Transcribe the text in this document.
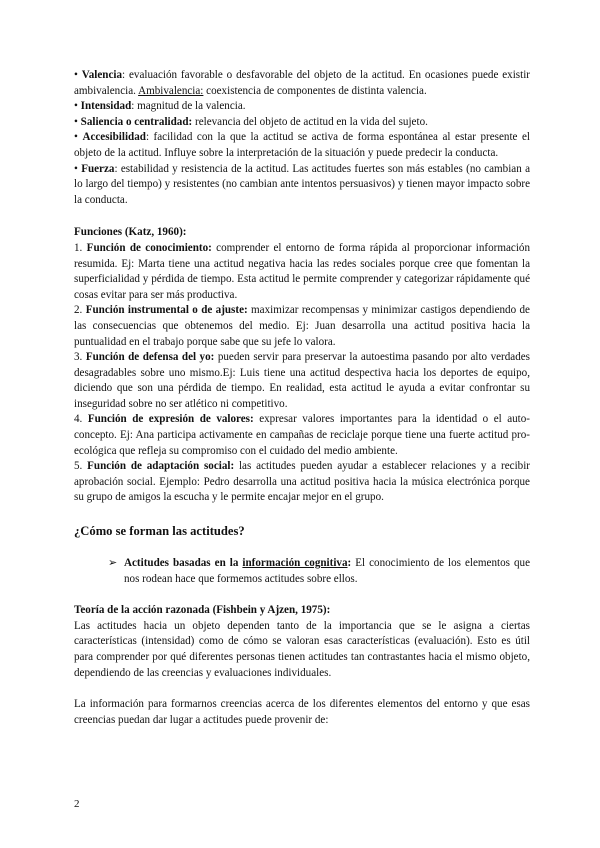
• Valencia: evaluación favorable o desfavorable del objeto de la actitud. En ocasiones puede existir ambivalencia. Ambivalencia: coexistencia de componentes de distinta valencia.

• Intensidad: magnitud de la valencia.

• Saliencia o centralidad: relevancia del objeto de actitud en la vida del sujeto.

• Accesibilidad: facilidad con la que la actitud se activa de forma espontánea al estar presente el objeto de la actitud. Influye sobre la interpretación de la situación y puede predecir la conducta.

• Fuerza: estabilidad y resistencia de la actitud. Las actitudes fuertes son más estables (no cambian a lo largo del tiempo) y resistentes (no cambian ante intentos persuasivos) y tienen mayor impacto sobre la conducta.

Funciones (Katz, 1960):

1. Función de conocimiento: comprender el entorno de forma rápida al proporcionar información resumida. Ej: Marta tiene una actitud negativa hacia las redes sociales porque cree que fomentan la superficialidad y pérdida de tiempo. Esta actitud le permite comprender y categorizar rápidamente qué cosas evitar para ser más productiva.

2. Función instrumental o de ajuste: maximizar recompensas y minimizar castigos dependiendo de las consecuencias que obtenemos del medio. Ej: Juan desarrolla una actitud positiva hacia la puntualidad en el trabajo porque sabe que su jefe lo valora.

3. Función de defensa del yo: pueden servir para preservar la autoestima pasando por alto verdades desagradables sobre uno mismo.Ej: Luis tiene una actitud despectiva hacia los deportes de equipo, diciendo que son una pérdida de tiempo. En realidad, esta actitud le ayuda a evitar confrontar su inseguridad sobre no ser atlético ni competitivo.

4. Función de expresión de valores: expresar valores importantes para la identidad o el auto-concepto. Ej: Ana participa activamente en campañas de reciclaje porque tiene una fuerte actitud pro-ecológica que refleja su compromiso con el cuidado del medio ambiente.

5. Función de adaptación social: las actitudes pueden ayudar a establecer relaciones y a recibir aprobación social. Ejemplo: Pedro desarrolla una actitud positiva hacia la música electrónica porque su grupo de amigos la escucha y le permite encajar mejor en el grupo.

¿Cómo se forman las actitudes?

➢ Actitudes basadas en la información cognitiva: El conocimiento de los elementos que nos rodean hace que formemos actitudes sobre ellos.

Teoría de la acción razonada (Fishbein y Ajzen, 1975):

Las actitudes hacia un objeto dependen tanto de la importancia que se le asigna a ciertas características (intensidad) como de cómo se valoran esas características (evaluación). Esto es útil para comprender por qué diferentes personas tienen actitudes tan contrastantes hacia el mismo objeto, dependiendo de las creencias y evaluaciones individuales.

La información para formarnos creencias acerca de los diferentes elementos del entorno y que esas creencias puedan dar lugar a actitudes puede provenir de:

2
